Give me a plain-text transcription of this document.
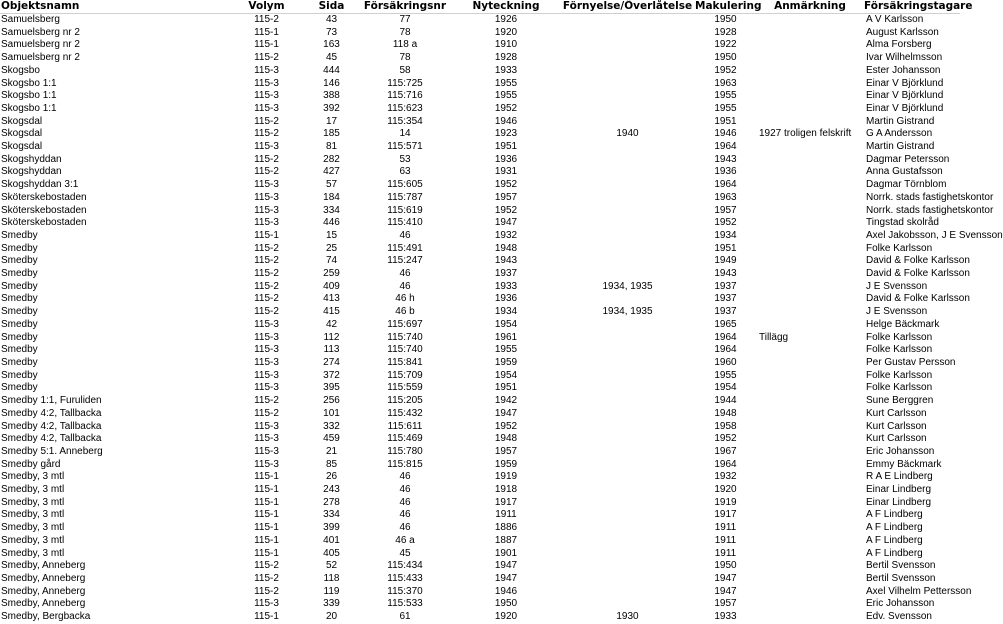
Objektsnamn	Volym	Sida	Försäkringsnr	Nyteckning	Förnyelse/Överlåtelse	Makulering	Anmärkning	Försäkringstagare
Samuelsberg	115-2	43	77	1926		1950		A V Karlsson
Samuelsberg nr 2	115-1	73	78	1920		1928		August Karlsson
Samuelsberg nr 2	115-1	163	118 a	1910		1922		Alma Forsberg
Samuelsberg nr 2	115-2	45	78	1928		1950		Ivar Wilhelmsson
Skogsbo	115-3	444	58	1933		1952		Ester Johansson
Skogsbo 1:1	115-3	146	115:725	1955		1963		Einar V Björklund
Skogsbo 1:1	115-3	388	115:716	1955		1955		Einar V Björklund
Skogsbo 1:1	115-3	392	115:623	1952		1955		Einar V Björklund
Skogsdal	115-2	17	115:354	1946		1951		Martin Gistrand
Skogsdal	115-2	185	14	1923	1940	1946	1927 troligen felskrift	G A Andersson
Skogsdal	115-3	81	115:571	1951		1964		Martin Gistrand
Skogshyddan	115-2	282	53	1936		1943		Dagmar Petersson
Skogshyddan	115-2	427	63	1931		1936		Anna Gustafsson
Skogshyddan 3:1	115-3	57	115:605	1952		1964		Dagmar Törnblom
Sköterskebostaden	115-3	184	115:787	1957		1963		Norrk. stads fastighetskontor
Sköterskebostaden	115-3	334	115:619	1952		1957		Norrk. stads fastighetskontor
Sköterskebostaden	115-3	446	115:410	1947		1952		Tingstad skolråd
Smedby	115-1	15	46	1932		1934		Axel Jakobsson, J E Svensson
Smedby	115-2	25	115:491	1948		1951		Folke Karlsson
Smedby	115-2	74	115:247	1943		1949		David & Folke Karlsson
Smedby	115-2	259	46	1937		1943		David & Folke Karlsson
Smedby	115-2	409	46	1933	1934, 1935	1937		J E Svensson
Smedby	115-2	413	46 h	1936		1937		David & Folke Karlsson
Smedby	115-2	415	46 b	1934	1934, 1935	1937		J E Svensson
Smedby	115-3	42	115:697	1954		1965		Helge Bäckmark
Smedby	115-3	112	115:740	1961		1964	Tillägg	Folke Karlsson
Smedby	115-3	113	115:740	1955		1964		Folke Karlsson
Smedby	115-3	274	115:841	1959		1960		Per Gustav Persson
Smedby	115-3	372	115:709	1954		1955		Folke Karlsson
Smedby	115-3	395	115:559	1951		1954		Folke Karlsson
Smedby 1:1, Furuliden	115-2	256	115:205	1942		1944		Sune Berggren
Smedby 4:2, Tallbacka	115-2	101	115:432	1947		1948		Kurt Carlsson
Smedby 4:2, Tallbacka	115-3	332	115:611	1952		1958		Kurt Carlsson
Smedby 4:2, Tallbacka	115-3	459	115:469	1948		1952		Kurt Carlsson
Smedby 5:1. Anneberg	115-3	21	115:780	1957		1967		Eric Johansson
Smedby gård	115-3	85	115:815	1959		1964		Emmy Bäckmark
Smedby, 3 mtl	115-1	26	46	1919		1932		R A E Lindberg
Smedby, 3 mtl	115-1	243	46	1918		1920		Einar Lindberg
Smedby, 3 mtl	115-1	278	46	1917		1919		Einar Lindberg
Smedby, 3 mtl	115-1	334	46	1911		1917		A F Lindberg
Smedby, 3 mtl	115-1	399	46	1886		1911		A F Lindberg
Smedby, 3 mtl	115-1	401	46 a	1887		1911		A F Lindberg
Smedby, 3 mtl	115-1	405	45	1901		1911		A F Lindberg
Smedby, Anneberg	115-2	52	115:434	1947		1950		Bertil Svensson
Smedby, Anneberg	115-2	118	115:433	1947		1947		Bertil Svensson
Smedby, Anneberg	115-2	119	115:370	1946		1947		Axel Vilhelm Pettersson
Smedby, Anneberg	115-3	339	115:533	1950		1957		Eric Johansson
Smedby, Bergbacka	115-1	20	61	1920	1930	1933		Edv. Svensson
